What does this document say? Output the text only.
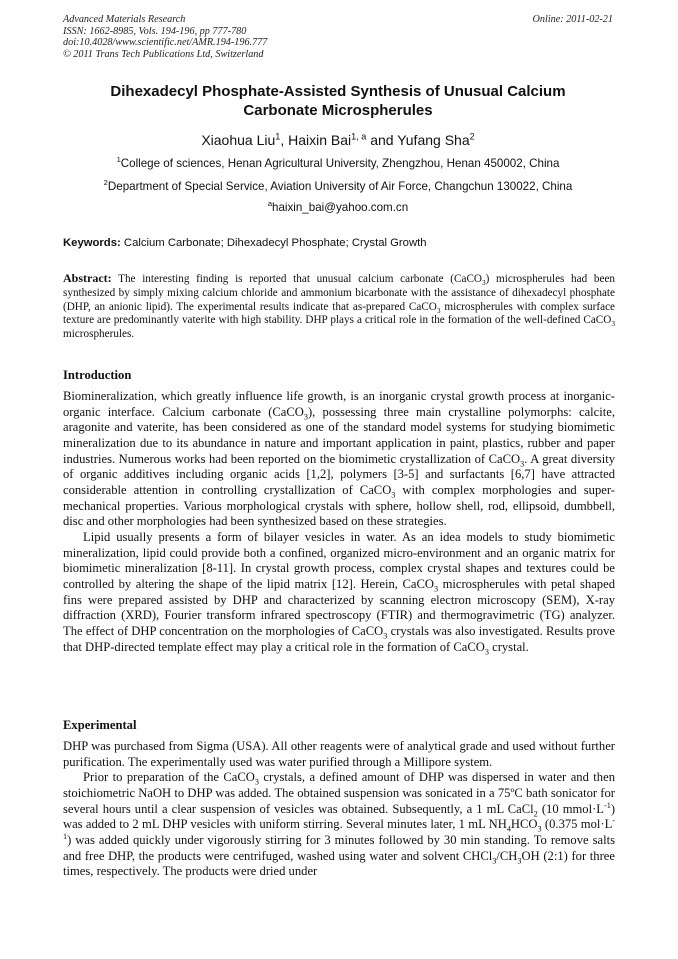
Advanced Materials Research
ISSN: 1662-8985, Vols. 194-196, pp 777-780
doi:10.4028/www.scientific.net/AMR.194-196.777
© 2011 Trans Tech Publications Ltd, Switzerland
Online: 2011-02-21
Dihexadecyl Phosphate-Assisted Synthesis of Unusual Calcium
Carbonate Microspherules
Xiaohua Liu$^1$, Haixin Bai$^{1, a}$ and Yufang Sha$^2$
$^1$College of sciences, Henan Agricultural University, Zhengzhou, Henan 450002, China
$^2$Department of Special Service, Aviation University of Air Force, Changchun 130022, China
$^a$haixin_bai@yahoo.com.cn
Keywords: Calcium Carbonate; Dihexadecyl Phosphate; Crystal Growth
Abstract: The interesting finding is reported that unusual calcium carbonate (CaCO$_3$) microspherules had been synthesized by simply mixing calcium chloride and ammonium bicarbonate with the assistance of dihexadecyl phosphate (DHP, an anionic lipid). The experimental results indicate that as-prepared CaCO$_3$ microspherules with complex surface texture are predominantly vaterite with high stability. DHP plays a critical role in the formation of the well-defined CaCO$_3$ microspherules.
Introduction

Biomineralization, which greatly influence life growth, is an inorganic crystal growth process at inorganic-organic interface. Calcium carbonate (CaCO$_3$), possessing three main crystalline polymorphs: calcite, aragonite and vaterite, has been considered as one of the standard model systems for studying biomimetic mineralization due to its abundance in nature and important application in paint, plastics, rubber and paper industries. Numerous works had been reported on the biomimetic crystallization of CaCO$_3$. A great diversity of organic additives including organic acids [1,2], polymers [3-5] and surfactants [6,7] have attracted considerable attention in controlling crystallization of CaCO$_3$ with complex morphologies and super-mechanical properties. Various morphological crystals with sphere, hollow shell, rod, ellipsoid, dumbbell, disc and other morphologies had been synthesized based on these strategies.

Lipid usually presents a form of bilayer vesicles in water. As an idea models to study biomimetic mineralization, lipid could provide both a confined, organized micro-environment and an organic matrix for biomimetic mineralization [8-11]. In crystal growth process, complex crystal shapes and textures could be controlled by altering the shape of the lipid matrix [12]. Herein, CaCO$_3$ microspherules with petal shaped fins were prepared assisted by DHP and characterized by scanning electron microscopy (SEM), X-ray diffraction (XRD), Fourier transform infrared spectroscopy (FTIR) and thermogravimetric (TG) analyzer. The effect of DHP concentration on the morphologies of CaCO$_3$ crystals was also investigated. Results prove that DHP-directed template effect may play a critical role in the formation of CaCO$_3$ crystal.

Experimental

DHP was purchased from Sigma (USA). All other reagents were of analytical grade and used without further purification. The experimentally used was water purified through a Millipore system.

Prior to preparation of the CaCO$_3$ crystals, a defined amount of DHP was dispersed in water and then stoichiometric NaOH to DHP was added. The obtained suspension was sonicated in a 75ºC bath sonicator for several hours until a clear suspension of vesicles was obtained. Subsequently, a 1 mL CaCl$_2$ (10 $mmol\cdot L^{-1}$) was added to 2 mL DHP vesicles with uniform stirring. Several minutes later, 1 mL $NH_4HCO_3$ (0.375 $mol\cdot L^{-1}$) was added quickly under vigorously stirring for 3 minutes followed by 30 min standing. To remove salts and free DHP, the products were centrifuged, washed using water and solvent $CHCl_3/CH_3OH$ (2:1) for three times, respectively. The products were dried under
